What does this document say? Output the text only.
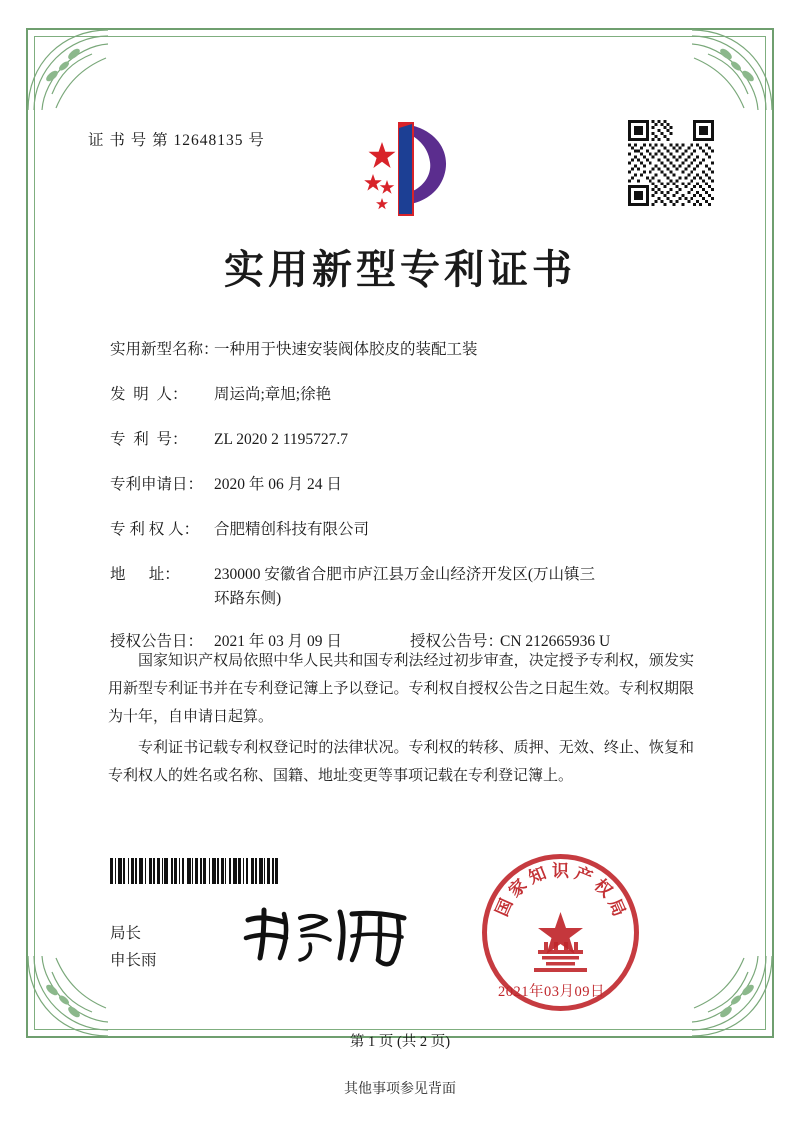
证 书 号 第 12648135 号
实用新型专利证书
实用新型名称：
一种用于快速安装阀体胶皮的装配工装
发  明  人：	周运尚;章旭;徐艳
专  利  号：	ZL 2020 2 1195727.7
专利申请日： 2020 年 06 月 24 日
专 利 权 人： 合肥精创科技有限公司
地      址：	230000 安徽省合肥市庐江县万金山经济开发区(万山镇三
环路东侧)
授权公告日： 2021 年 03 月 09 日	授权公告号：
CN 212665936 U

国家知识产权局依照中华人民共和国专利法经过初步审查，决定授予专利权，颁发实用新型专利证书并在专利登记簿上予以登记。专利权自授权公告之日起生效。专利权期限为十年，自申请日起算。

专利证书记载专利权登记时的法律状况。专利权的转移、质押、无效、终止、恢复和专利权人的姓名或名称、国籍、地址变更等事项记载在专利登记簿上。

局长
申长雨
国
家
知 识 产
权
局
2021年03月09日
第 1 页 (共 2 页)
其他事项参见背面
